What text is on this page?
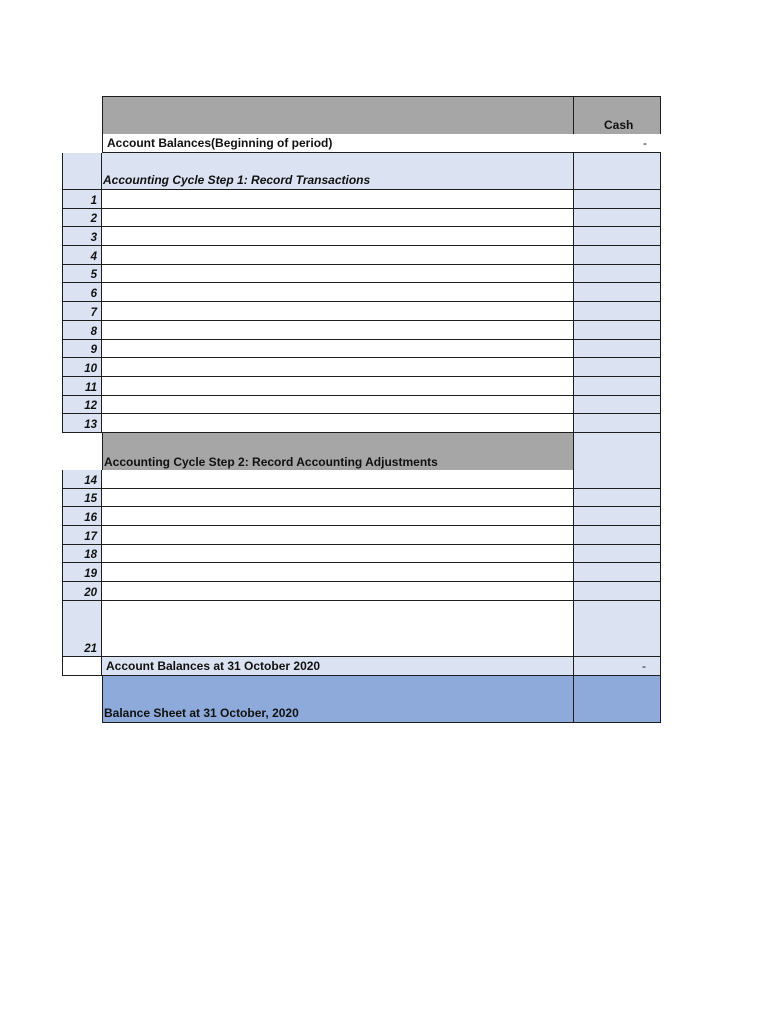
Cash
Account Balances(Beginning of period)	-
Accounting Cycle Step 1: Record Transactions
1
2
3
4
5
6
7
8
9
10
11
12
13
Accounting Cycle Step 2: Record Accounting Adjustments
14
15
16
17
18
19
20
21
Account Balances at 31 October 2020	-
Balance Sheet at 31 October, 2020
